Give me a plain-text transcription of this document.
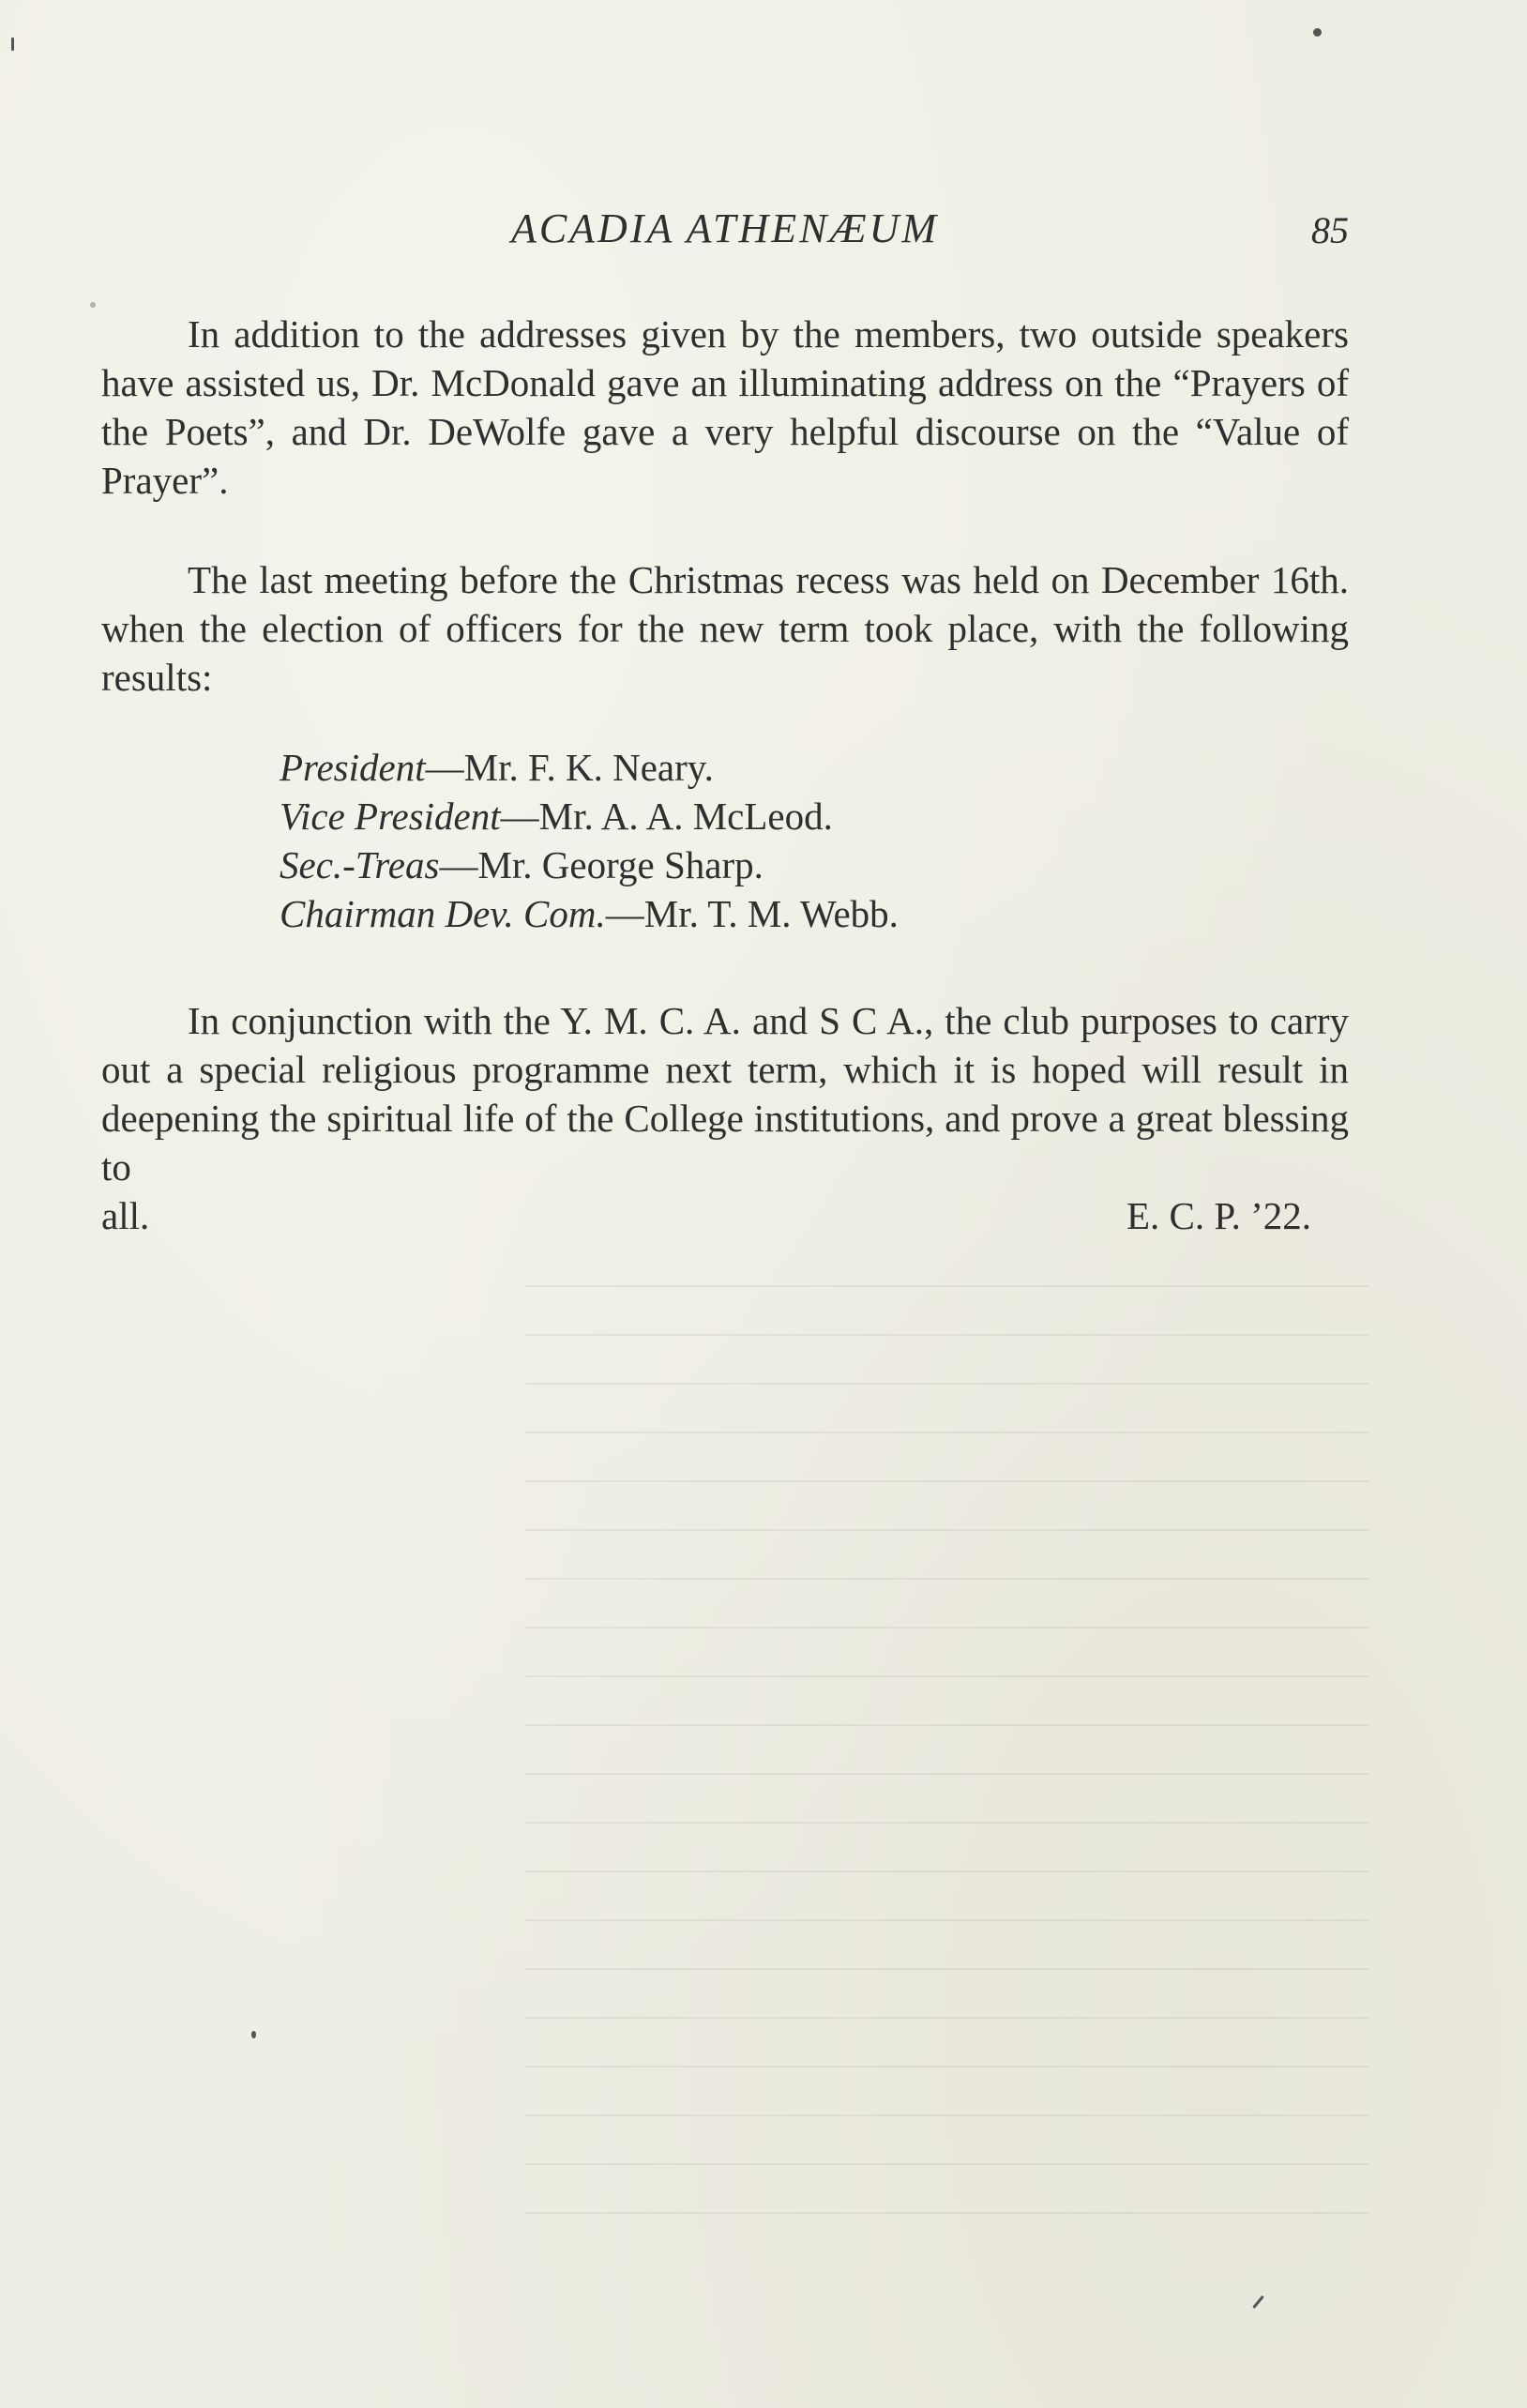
ACADIA ATHENÆUM	85

In addition to the addresses given by the members, two outside speakers have assisted us, Dr. McDonald gave an illuminating address on the “Prayers of the Poets”, and Dr. DeWolfe gave a very helpful discourse on the “Value of Prayer”.

The last meeting before the Christmas recess was held on December 16th. when the election of officers for the new term took place, with the following results:

President—Mr. F. K. Neary.
Vice President—Mr. A. A. McLeod.
Sec.-Treas—Mr. George Sharp.
Chairman Dev. Com.—Mr. T. M. Webb.

In conjunction with the Y. M. C. A. and S C A., the club purposes to carry out a special religious programme next term, which it is hoped will result in deepening the spiritual life of the College institutions, and prove a great blessing to

all.	E. C. P. ’22.
